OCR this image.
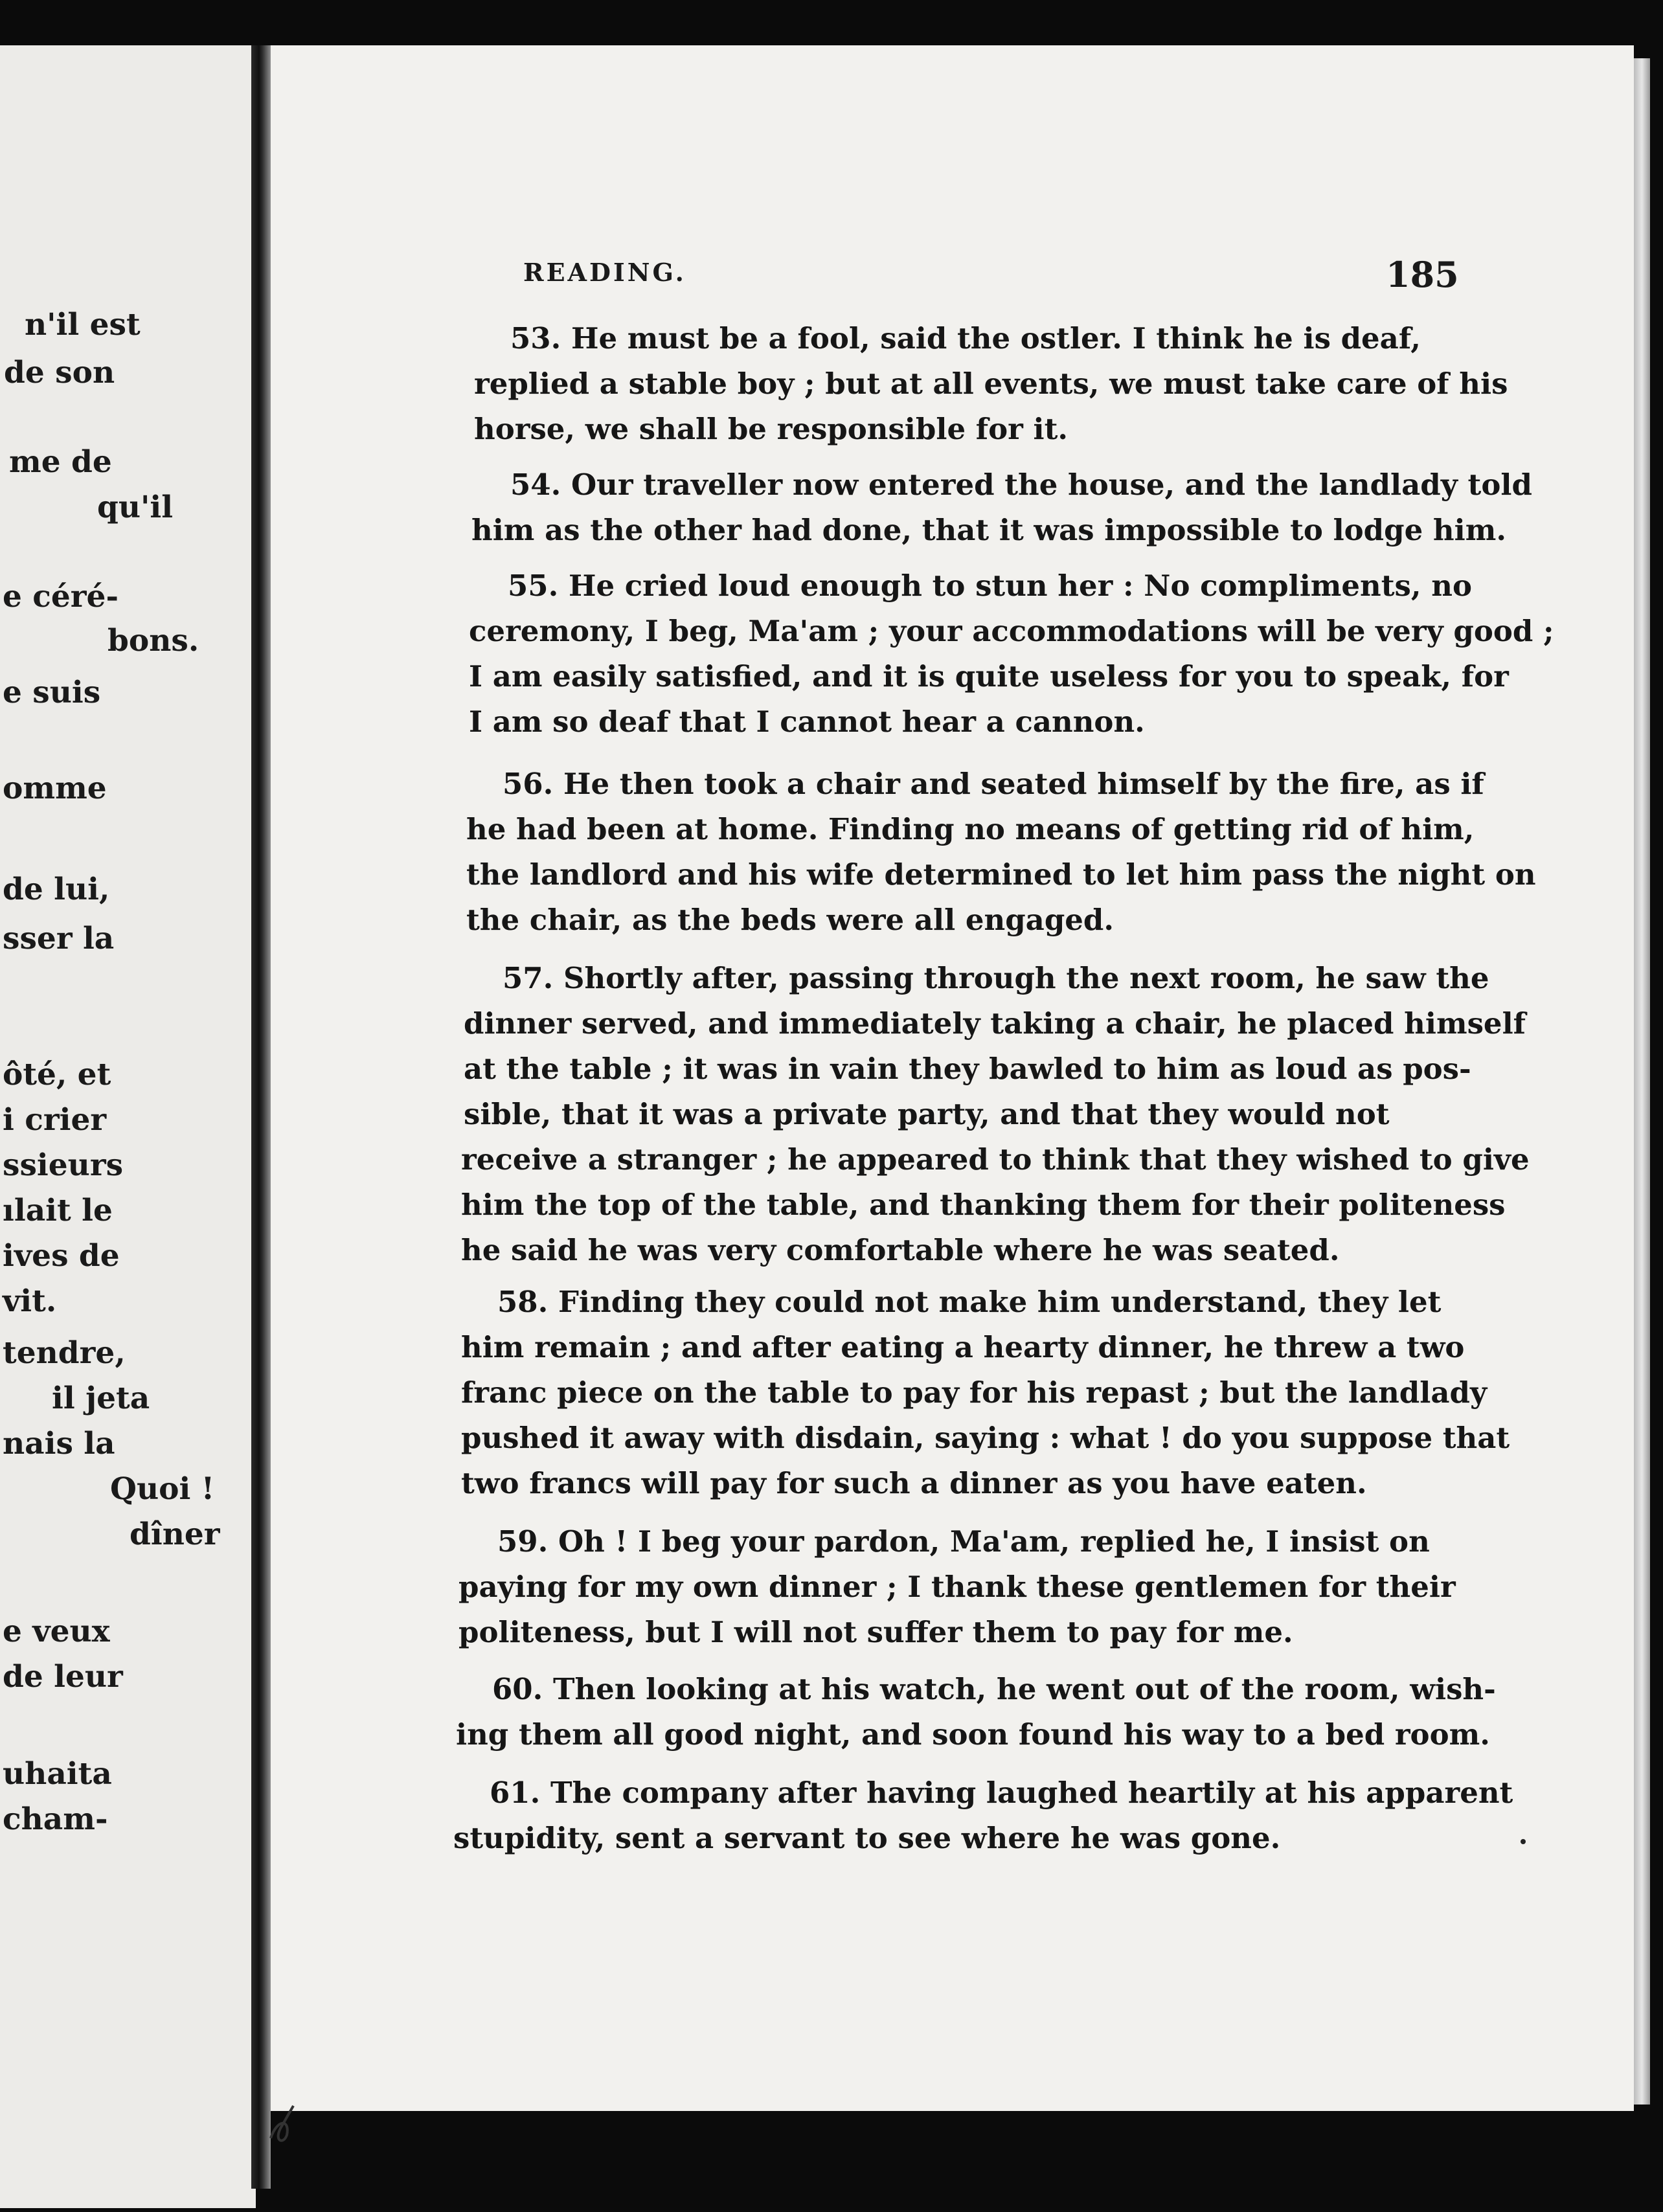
n'il est
de son
me de
qu'il
e céré-
bons.
e suis
omme
de lui,
sser la
ôté, et
i crier
ssieurs
ılait le
ives de
vit.
tendre,
il jeta
nais la
Quoi !
dîner
e veux
de leur
uhaita
cham-
READING.	185
53. He must be a fool, said the ostler. I think he is deaf,
replied a stable boy ; but at all events, we must take care of his
horse, we shall be responsible for it.
54. Our traveller now entered the house, and the landlady told
him as the other had done, that it was impossible to lodge him.
55. He cried loud enough to stun her : No compliments, no
ceremony, I beg, Ma'am ; your accommodations will be very good ;
I am easily satisfied, and it is quite useless for you to speak, for
I am so deaf that I cannot hear a cannon.
56. He then took a chair and seated himself by the fire, as if
he had been at home. Finding no means of getting rid of him,
the landlord and his wife determined to let him pass the night on
the chair, as the beds were all engaged.
57. Shortly after, passing through the next room, he saw the
dinner served, and immediately taking a chair, he placed himself
at the table ; it was in vain they bawled to him as loud as pos-
sible, that it was a private party, and that they would not
receive a stranger ; he appeared to think that they wished to give
him the top of the table, and thanking them for their politeness
he said he was very comfortable where he was seated.
58. Finding they could not make him understand, they let
him remain ; and after eating a hearty dinner, he threw a two
franc piece on the table to pay for his repast ; but the landlady
pushed it away with disdain, saying : what ! do you suppose that
two francs will pay for such a dinner as you have eaten.
59. Oh ! I beg your pardon, Ma'am, replied he, I insist on
paying for my own dinner ; I thank these gentlemen for their
politeness, but I will not suffer them to pay for me.
60. Then looking at his watch, he went out of the room, wish-
ing them all good night, and soon found his way to a bed room.
61. The company after having laughed heartily at his apparent
stupidity, sent a servant to see where he was gone.
